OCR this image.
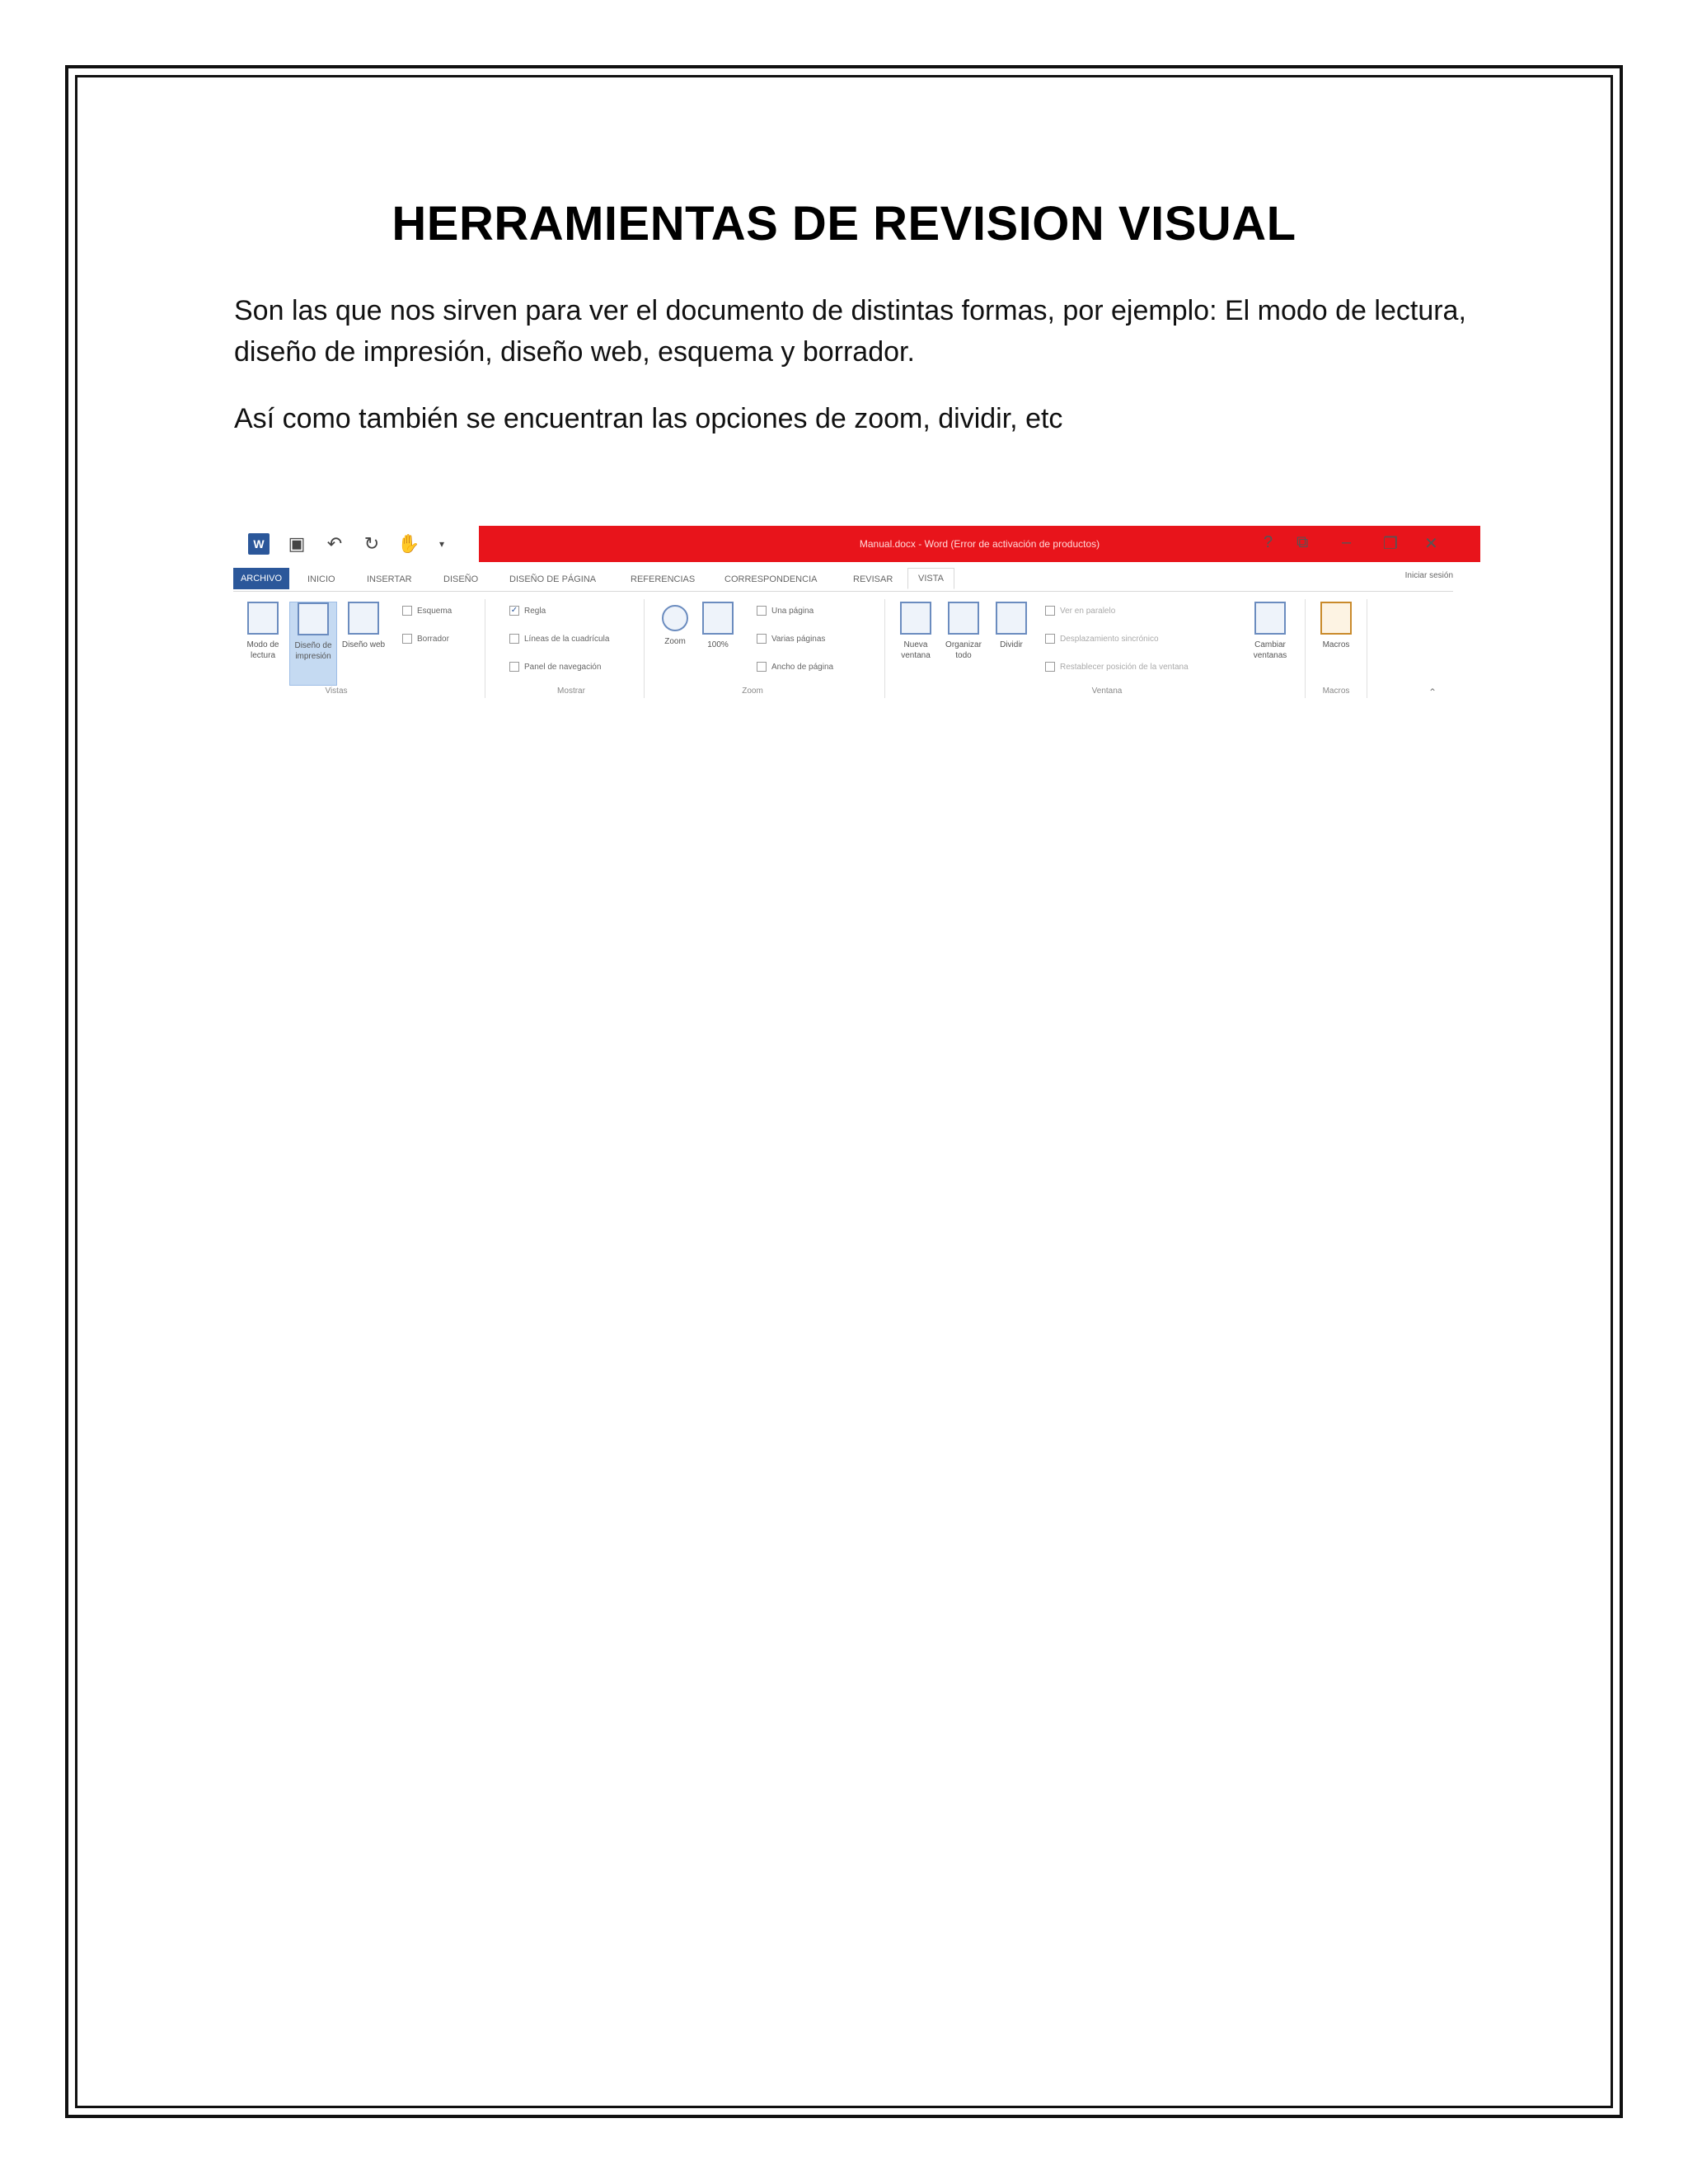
HERRAMIENTAS DE REVISION VISUAL
Son las que nos sirven para ver el documento de distintas formas, por ejemplo: El modo de lectura, diseño de impresión, diseño web, esquema y borrador.
Así como también se encuentran las opciones de zoom, dividir, etc
W ▣ ↶ ↻ ✋	▾	Manual.docx - Word (Error de activación de productos)	? ⧉ – ❐ ✕
ARCHIVO	INICIO	INSERTAR	DISEÑO	DISEÑO DE PÁGINA	REFERENCIAS	CORRESPONDENCIA	REVISAR	VISTA	Iniciar sesión
Modo de lectura
Diseño de impresión
Diseño web
Esquema
Borrador
Vistas
✓ Regla
Líneas de la cuadrícula
Panel de navegación
Mostrar
Zoom	100%
Una página
Varias páginas
Ancho de página
Zoom
Nueva ventana
Organizar todo
Dividir
Ver en paralelo
Desplazamiento sincrónico
Restablecer posición de la ventana
Cambiar ventanas
Ventana
Macros
Macros	⌃
